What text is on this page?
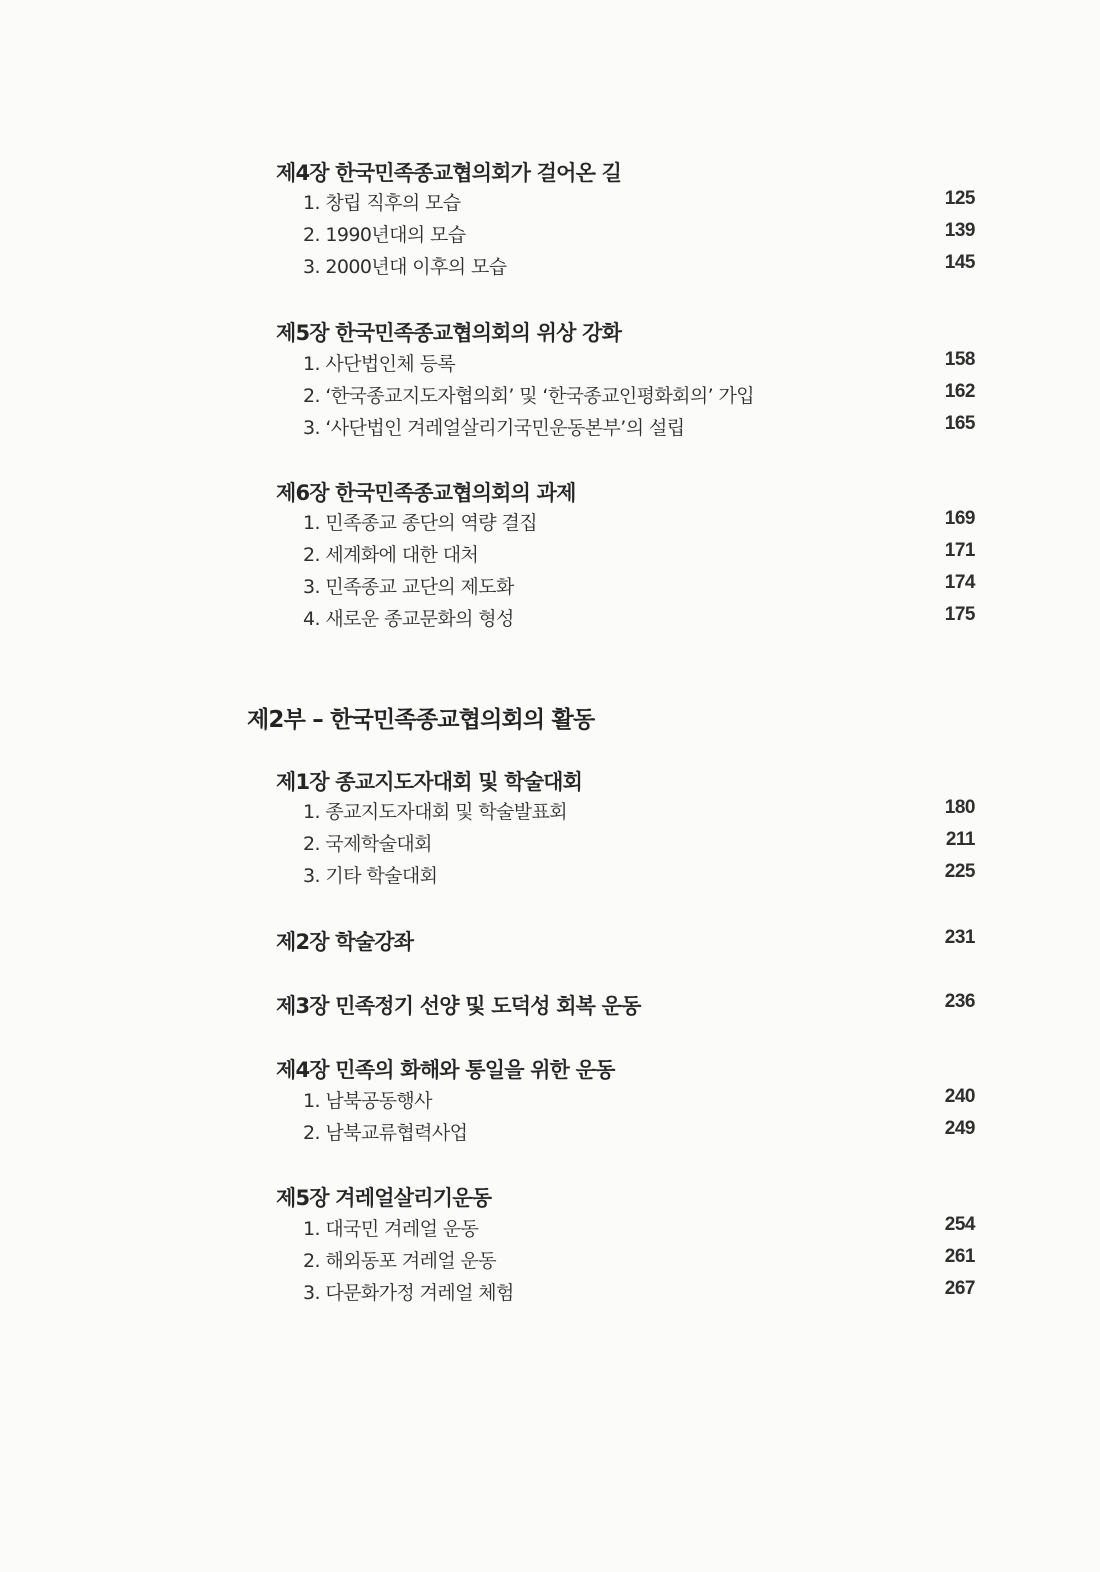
제4장 한국민족종교협의회가 걸어온 길
1. 창립 직후의 모습	125
2. 1990년대의 모습	139
3. 2000년대 이후의 모습	145
제5장 한국민족종교협의회의 위상 강화
1. 사단법인체 등록	158
2. ‘한국종교지도자협의회’ 및 ‘한국종교인평화회의’ 가입	162
3. ‘사단법인 겨레얼살리기국민운동본부’의 설립	165
제6장 한국민족종교협의회의 과제
1. 민족종교 종단의 역량 결집	169
2. 세계화에 대한 대처	171
3. 민족종교 교단의 제도화	174
4. 새로운 종교문화의 형성	175
제2부 – 한국민족종교협의회의 활동
제1장 종교지도자대회 및 학술대회
1. 종교지도자대회 및 학술발표회	180
2. 국제학술대회	211
3. 기타 학술대회	225
제2장 학술강좌	231
제3장 민족정기 선양 및 도덕성 회복 운동	236
제4장 민족의 화해와 통일을 위한 운동
1. 남북공동행사	240
2. 남북교류협력사업	249
제5장 겨레얼살리기운동
1. 대국민 겨레얼 운동	254
2. 해외동포 겨레얼 운동	261
3. 다문화가정 겨레얼 체험	267
